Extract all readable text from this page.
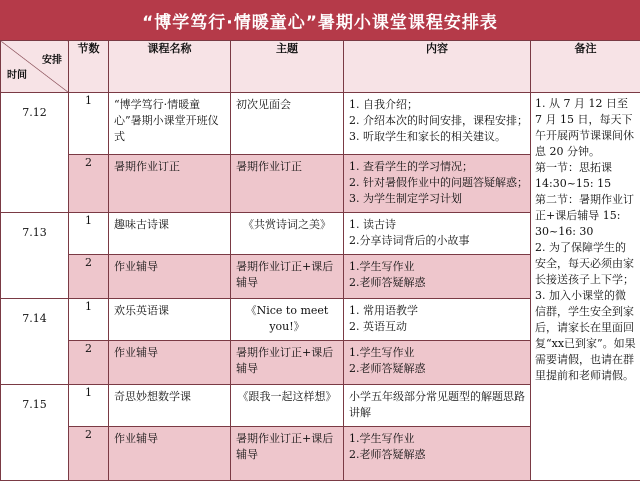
“博学笃行·情暖童心”暑期小课堂课程安排表
安排
时间	节数	课程名称	主题	内容	备注
7.12	1	“博学笃行·情暖童心”暑期小课堂开班仪式	初次见面会	1. 自我介绍；
2. 介绍本次的时间安排，课程安排；
3. 听取学生和家长的相关建议。	1. 从 7 月 12 日至 7 月 15 日，每天下午开展两节课课间休息 20 分钟。
第一节：思拓课 14:30~15: 15
第二节：暑期作业订正+课后辅导 15: 30~16: 30
2. 为了保障学生的安全，每天必须由家长接送孩子上下学；
3. 加入小课堂的微信群，学生安全到家后，请家长在里面回复“xx已到家”。如果需要请假，也请在群里提前和老师请假。

	2	暑期作业订正	暑期作业订正	1. 查看学生的学习情况；
2. 针对暑假作业中的问题答疑解惑；
3. 为学生制定学习计划	

7.13	1	趣味古诗课	《共赏诗词之美》	1. 读古诗
2.分享诗词背后的小故事	

	2	作业辅导	暑期作业订正+课后辅导	1.学生写作业
2.老师答疑解惑	

7.14	1	欢乐英语课	《Nice to meet you!》	1. 常用语教学
2. 英语互动	

	2	作业辅导	暑期作业订正+课后辅导	1.学生写作业
2.老师答疑解惑	

7.15	1	奇思妙想数学课	《跟我一起这样想》	小学五年级部分常见题型的解题思路讲解	

	2	作业辅导	暑期作业订正+课后辅导	1.学生写作业
2.老师答疑解惑	
